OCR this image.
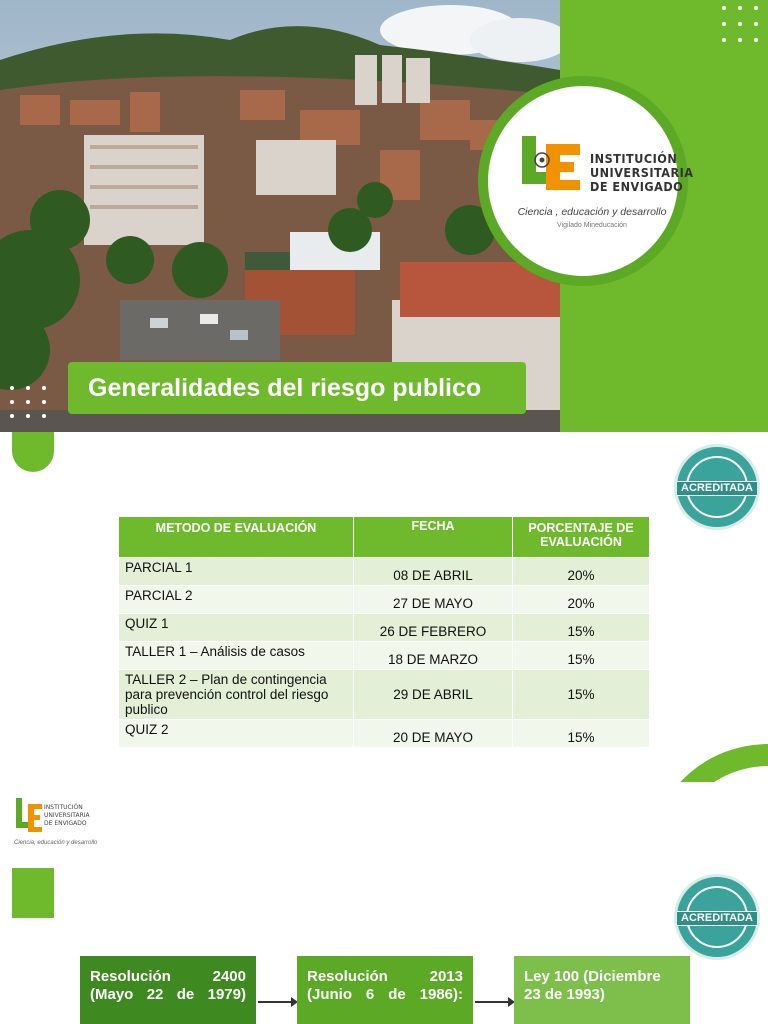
INSTITUCIÓN
UNIVERSITARIA
DE ENVIGADO
Ciencia , educación y desarrollo
Vigilado Mineducación
Generalidades del riesgo publico
ACREDITADA
METODO DE EVALUACIÓN	FECHA	PORCENTAJE DE EVALUACIÓN
PARCIAL 1	08 DE ABRIL	20%
PARCIAL 2	27 DE MAYO	20%
QUIZ 1	26 DE FEBRERO	15%
TALLER 1 – Análisis de casos	18 DE MARZO	15%
TALLER 2 – Plan de contingencia para prevención control del riesgo publico	29 DE ABRIL	15%
QUIZ 2	20 DE MAYO	15%
INSTITUCIÓN
UNIVERSITARIA
DE ENVIGADO
Ciencia, educación y desarrollo
ACREDITADA
Resolución 2400 (Mayo 22 de 1979)
Resolución 2013 (Junio 6 de 1986):
Ley 100 (Diciembre 23 de 1993)
